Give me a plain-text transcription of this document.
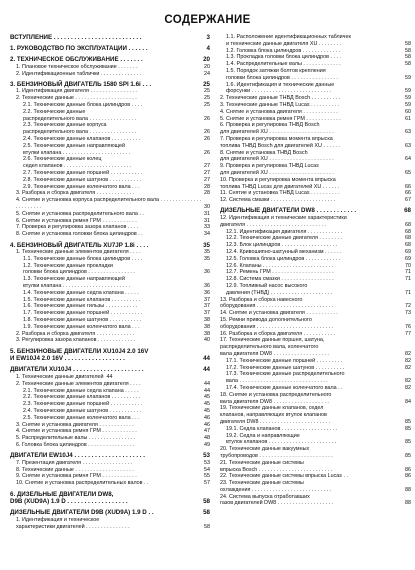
СОДЕРЖАНИЕ
ВСТУПЛЕНИЕ . . . . . . . . . . . . . . . . . . . . . . . . . .	3
1. РУКОВОДСТВО ПО ЭКСПЛУАТАЦИИ . . . . . .	4
2. ТЕХНИЧЕСКОЕ ОБСЛУЖИВАНИЕ . . . . . . .	20
1. Плановое техническое обслуживание . . . . . . .	20
2. Идентификационные таблички . . . . . . . . . . . . . .	24
3. БЕНЗИНОВЫЙ ДВИГАТЕЛЬ 1580 SPI 1.6i . . .	25
1. Идентификация двигателя . . . . . . . . . . . . . . . .	25
2. Технические данные . . . . . . . . . . . . . . . . . . . . .	25
2.1. Технические данные блока цилиндров . . . .	25
2.2. Технические данные
распределительного вала . . . . . . . . . . . . . . . .	26
2.3. Технические данные корпуса
распределительного вала . . . . . . . . . . . . . . . .	26
2.4. Технические данные клапанов . . . . . . . . . .	26
2.5. Технические данные направляющей
втулки клапана . . . . . . . . . . . . . . . . . . . . . . .	26
2.6. Технические данные колец
седел клапанов . . . . . . . . . . . . . . . . . . . . . . .	27
2.7. Технические данные поршней . . . . . . . . . . .	27
2.8. Технические данные шатунов . . . . . . . . . . .	27
2.9. Технические данные коленчатого вала . . .	28
3. Разборка и сборка двигателя . . . . . . . . . . . . .	28
4. Снятие и установка корпуса распределительного вала . . . . . . . . . . . . . . . . . . . . . . .	30
5. Снятие и установка распределительного вала . .	31
6. Снятие и установка ремня ГРМ . . . . . . . . . . . .	31
7. Проверка и регулировка зазора клапанов . . . .	33
8. Снятие и установка головки блока цилиндров . .	34
4. БЕНЗИНОВЫЙ ДВИГАТЕЛЬ XU7JP 1.8i . . . .	35
1. Технические данные элементов двигателя . . . .	35
1.1. Технические данные блока цилиндров . . . .	35
1.2. Технические данные прокладки
головки блока цилиндров . . . . . . . . . . . . . . . .	36
1.3. Технические данные направляющей
втулки клапана . . . . . . . . . . . . . . . . . . . . . . .	36
1.4. Технические данные седла клапана . . . . .	36
1.5. Технические данные клапанов . . . . . . . . . .	37
1.6. Технические данные гильзы . . . . . . . . . . .	37
1.7. Технические данные поршней . . . . . . . . . . .	37
1.8. Технические данные шатунов . . . . . . . . . . .	38
1.9. Технические данные коленчатого вала . . .	38
2. Разборка и сборка двигателя . . . . . . . . . . . . .	38
3. Регулировка зазора клапанов . . . . . . . . . . . . .	40
5. БЕНЗИНОВЫЕ ДВИГАТЕЛИ XU10J4 2.0 16V
И EW10J4 2.0 16V . . . . . . . . . . . . . . . . . .	44
ДВИГАТЕЛИ XU10J4 . . . . . . . . . . . . . . . . . . . . .	44
1. Технические данные двигателей  44
2. Технические данные элементов двигателя . . . .	44
2.1. Технические данные седла клапана . . . . .	44
2.2. Технические данные клапанов . . . . . . . . . .	45
2.3. Технические данные поршней . . . . . . . . . . .	45
2.4. Технические данные шатунов . . . . . . . . . . .	45
2.5. Технические данные коленчатого вала . . .	46
3. Снятие и установка двигателя . . . . . . . . . . . .	46
4. Снятие и установка ремня ГРМ . . . . . . . . . . . .	47
5. Распределительные валы . . . . . . . . . . . . . . . .	48
6. Головка блока цилиндров . . . . . . . . . . . . . . . .	49
ДВИГАТЕЛИ EW10J4 . . . . . . . . . . . . . . . . . . . . .	53
7. Презентация двигателя . . . . . . . . . . . . . . . . .	53
8. Технические данные . . . . . . . . . . . . . . . . . . . .	54
9. Снятие и установка ремня ГРМ . . . . . . . . . . . .	55
10. Снятие и установка распределительных валов . .	57
6. ДИЗЕЛЬНЫЕ ДВИГАТЕЛИ DW8,
D9B (XUD9A) 1.9 D . . . . . . . . . . . . . . . . . .	58
ДИЗЕЛЬНЫЕ ДВИГАТЕЛИ D9B (XUD9A) 1.9 D . .	58
1. Идентификация и техническое
характеристики двигателей . . . . . . . . . . . . . . .	58
1.1. Расположение идентификационных табличек
и технические данные двигателя XU . . . . . . . .	58
1.2. Головка блока цилиндров . . . . . . . . . . . . .	58
1.3. Прокладка головки блока цилиндров . . . .	58
1.4. Распределительные валы . . . . . . . . . . . . .	58
1.5. Порядок затяжки болтов крепления
головки блока цилиндров . . . . . . . . . . . . . . . .	59
1.6. Идентификация и технические данные
форсунки . . . . . . . . . . . . . . . . . . . . . . . . . . .	59
2. Технические данные ТНВД Bosch . . . . . . . . . .	59
3. Технические данные ТНВД Lucas . . . . . . . . . .	59
4. Снятие и установка двигателя . . . . . . . . . . . .	60
5. Снятие и установка ремня ГРМ . . . . . . . . . . . .	61
6. Проверка и регулировка ТНВД Bosch
для двигателей XU . . . . . . . . . . . . . . . . . . . . . .	63
7. Проверка и регулировка момента впрыска
топлива ТНВД Bosch для двигателей XU . . . . . .	63
8. Снятие и установка ТНВД Bosch
для двигателей XU . . . . . . . . . . . . . . . . . . . . . .	64
9. Проверка и регулировка ТНВД Lucas
для двигателей XU . . . . . . . . . . . . . . . . . . . . . .	65
10. Проверка и регулировка момента впрыска
топлива ТНВД Lucas для двигателей XU . . . . . .	66
11. Снятие и установка ТНВД Lucas . . . . . . . . . .	66
12. Система смазки . . . . . . . . . . . . . . . . . . . . . .	67
ДИЗЕЛЬНЫЕ ДВИГАТЕЛИ DW8 . . . . . . . . . . . .	68
12. Идентификация и технические характеристики
двигателя . . . . . . . . . . . . . . . . . . . . . . . . . . .	68
12.1. Идентификация двигателя . . . . . . . . . . . .	68
12.2. Технические данные двигателя . . . . . . . .	68
12.3. Блок цилиндров . . . . . . . . . . . . . . . . . . .	68
12.4. Кривошипно-шатунный механизм . . . . . .	69
12.5. Головка блока цилиндров . . . . . . . . . . . .	69
12.6. Клапаны . . . . . . . . . . . . . . . . . . . . . . . .	70
12.7. Ремень ГРМ . . . . . . . . . . . . . . . . . . . . .	71
12.8. Система смазки . . . . . . . . . . . . . . . . . .	71
12.9. Топливный насос высокого
давления (ТНВД) . . . . . . . . . . . . . . . . . . . . .	71
13. Разборка и сборка навесного
оборудования . . . . . . . . . . . . . . . . . . . . . . . . . .	72
14. Снятие и установка двигателя . . . . . . . . . . .	73
15. Ремни привода дополнительного
оборудования . . . . . . . . . . . . . . . . . . . . . . . . . .	76
16. Разборка и сборка двигателя . . . . . . . . . . .	77
17. Технические данные поршня, шатуна,
распределительного вала, коленчатого
вала двигателя DW8 . . . . . . . . . . . . . . . . . . .	82
17.1. Технические данные поршней . . . . . . . . .	82
17.2. Технические данные шатунов . . . . . . . . . .	82
17.3. Технические данные распределительного
вала . . . . . . . . . . . . . . . . . . . . . . . . . . . . . .	82
17.4. Технические данные коленчатого вала . .	82
18. Снятие и установка распределительного
вала двигателя DW8 . . . . . . . . . . . . . . . . . . .	84
19. Технические данные клапанов, седел
клапанов, направляющих втулок клапанов
двигателя DW8 . . . . . . . . . . . . . . . . . . . . . . . .	85
19.1. Седла клапанов . . . . . . . . . . . . . . . . . . .	85
19.2. Седла и направляющие
втулок клапанов . . . . . . . . . . . . . . . . . . . . . . .	85
20. Технические данные вакуумных
трубопроводов . . . . . . . . . . . . . . . . . . . . . . . . .	85
21. Технические данные системы
впрыска Bosch . . . . . . . . . . . . . . . . . . . . . . . . .	86
22. Технические данные системы впрыска Lucas . .	86
23. Технические данные системы
охлаждения . . . . . . . . . . . . . . . . . . . . . . . . . . .	88
24. Система выпуска отработавших
газов двигателей DW8 . . . . . . . . . . . . . . . . . . .	88
